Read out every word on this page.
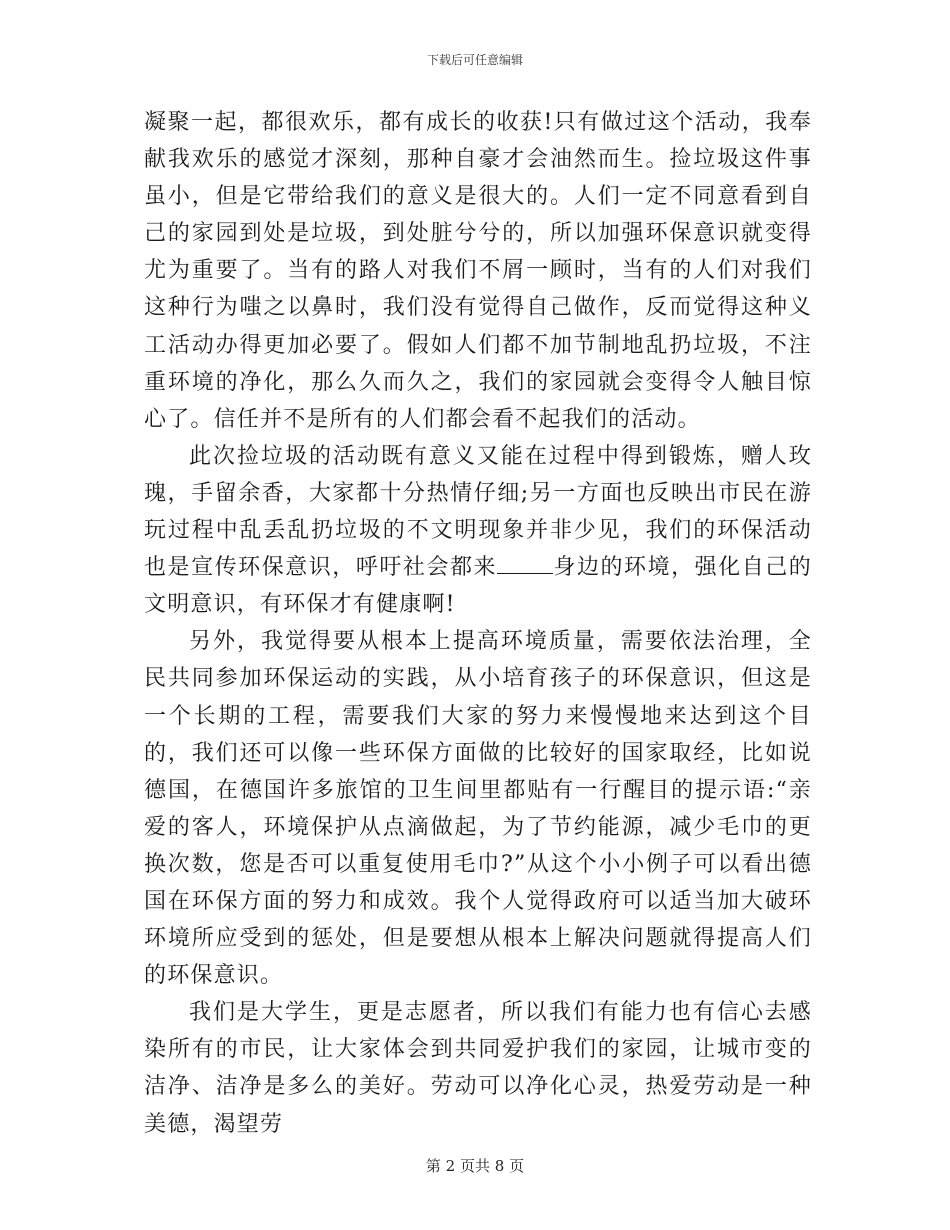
下载后可任意编辑

凝聚一起，都很欢乐，都有成长的收获!只有做过这个活动，我奉献我欢乐的感觉才深刻，那种自豪才会油然而生。捡垃圾这件事虽小，但是它带给我们的意义是很大的。人们一定不同意看到自己的家园到处是垃圾，到处脏兮兮的，所以加强环保意识就变得尤为重要了。当有的路人对我们不屑一顾时，当有的人们对我们这种行为嗤之以鼻时，我们没有觉得自己做作，反而觉得这种义工活动办得更加必要了。假如人们都不加节制地乱扔垃圾，不注重环境的净化，那么久而久之，我们的家园就会变得令人触目惊心了。信任并不是所有的人们都会看不起我们的活动。

此次捡垃圾的活动既有意义又能在过程中得到锻炼，赠人玫瑰，手留余香，大家都十分热情仔细;另一方面也反映出市民在游玩过程中乱丢乱扔垃圾的不文明现象并非少见，我们的环保活动也是宣传环保意识，呼吁社会都来	身边的环境，强化自己的文明意识，有环保才有健康啊!

另外，我觉得要从根本上提高环境质量，需要依法治理，全民共同参加环保运动的实践，从小培育孩子的环保意识，但这是一个长期的工程，需要我们大家的努力来慢慢地来达到这个目的，我们还可以像一些环保方面做的比较好的国家取经，比如说德国，在德国许多旅馆的卫生间里都贴有一行醒目的提示语:“亲爱的客人，环境保护从点滴做起，为了节约能源，减少毛巾的更换次数，您是否可以重复使用毛巾?”从这个小小例子可以看出德国在环保方面的努力和成效。我个人觉得政府可以适当加大破环环境所应受到的惩处，但是要想从根本上解决问题就得提高人们的环保意识。

我们是大学生，更是志愿者，所以我们有能力也有信心去感染所有的市民，让大家体会到共同爱护我们的家园，让城市变的洁净、洁净是多么的美好。劳动可以净化心灵，热爱劳动是一种美德，渴望劳

第 2 页共 8 页
